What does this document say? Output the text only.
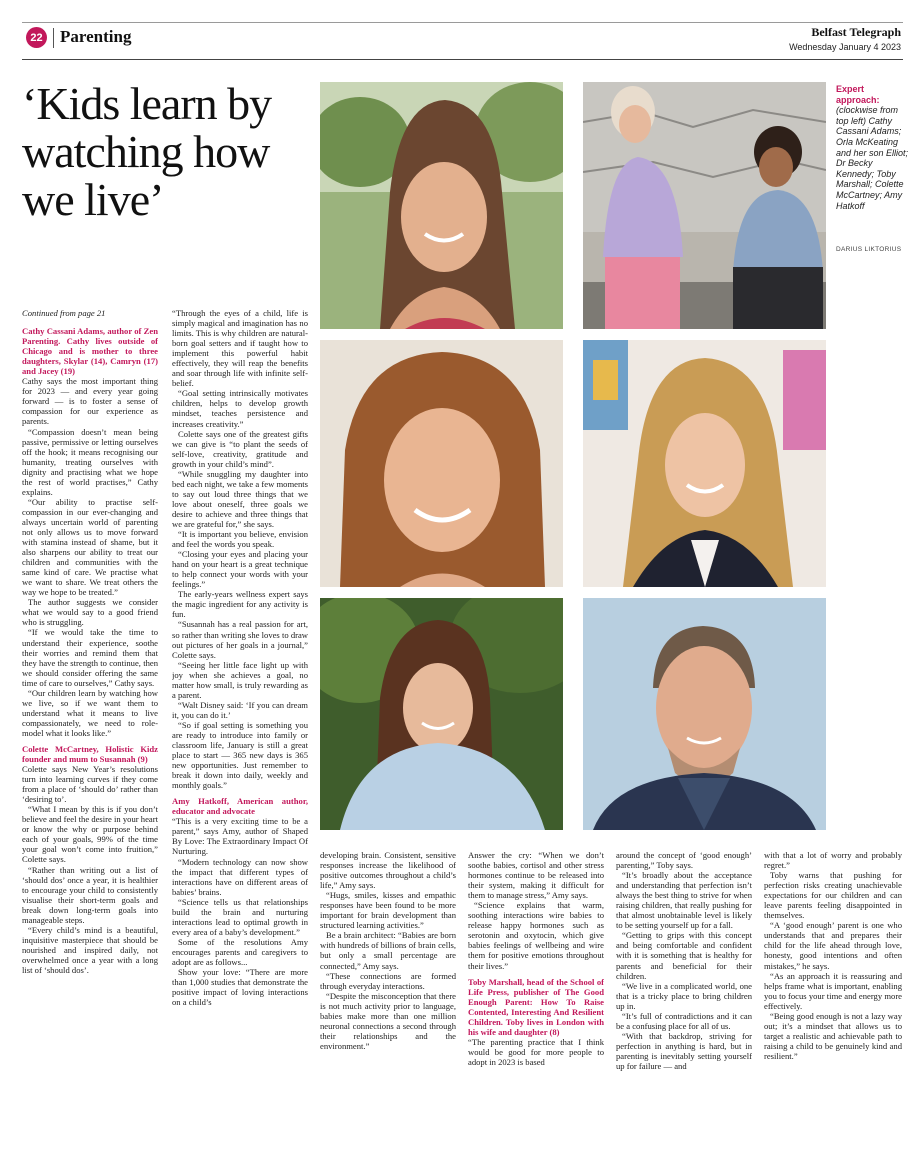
22 Parenting	Belfast Telegraph
Wednesday January 4 2023
‘Kids learn by watching how we live’
Expert approach: (clockwise from top left) Cathy Cassani Adams; Orla McKeating and her son Elliot; Dr Becky Kennedy; Toby Marshall; Colette McCartney; Amy Hatkoff
DARIUS LIKTORIUS

Continued from page 21

Cathy Cassani Adams, author of Zen Parenting. Cathy lives outside of Chicago and is mother to three daughters, Skylar (14), Camryn (17) and Jacey (19)

Cathy says the most important thing for 2023 — and every year going forward — is to foster a sense of compassion for our experience as parents.

“Compassion doesn’t mean being passive, permissive or letting ourselves off the hook; it means recognising our humanity, treating ourselves with dignity and practising what we hope the rest of world practises,” Cathy explains.

“Our ability to practise self-compassion in our ever-changing and always uncertain world of parenting not only allows us to move forward with stamina instead of shame, but it also sharpens our ability to treat our children and communities with the same kind of care. We practise what we want to share. We treat others the way we hope to be treated.”

The author suggests we consider what we would say to a good friend who is struggling.

“If we would take the time to understand their experience, soothe their worries and remind them that they have the strength to continue, then we should consider offering the same time of care to ourselves,” Cathy says.

“Our children learn by watching how we live, so if we want them to understand what it means to live compassionately, we need to role-model what it looks like.”

Colette McCartney, Holistic Kidz founder and mum to Susannah (9)

Colette says New Year’s resolutions turn into learning curves if they come from a place of ‘should do’ rather than ‘desiring to’.

“What I mean by this is if you don’t believe and feel the desire in your heart or know the why or purpose behind each of your goals, 99% of the time your goal won’t come into fruition,” Colette says.

“Rather than writing out a list of ‘should dos’ once a year, it is healthier to encourage your child to consistently visualise their short-term goals and break down long-term goals into manageable steps.

“Every child’s mind is a beautiful, inquisitive masterpiece that should be nourished and inspired daily, not overwhelmed once a year with a long list of ‘should dos’.

“Through the eyes of a child, life is simply magical and imagination has no limits. This is why children are natural-born goal setters and if taught how to implement this powerful habit effectively, they will reap the benefits and soar through life with infinite self-belief.

“Goal setting intrinsically motivates children, helps to develop growth mindset, teaches persistence and increases creativity.”

Colette says one of the greatest gifts we can give is “to plant the seeds of self-love, creativity, gratitude and growth in your child’s mind”.

“While snuggling my daughter into bed each night, we take a few moments to say out loud three things that we love about oneself, three goals we desire to achieve and three things that we are grateful for,” she says.

“It is important you believe, envision and feel the words you speak.

“Closing your eyes and placing your hand on your heart is a great technique to help connect your words with your feelings.”

The early-years wellness expert says the magic ingredient for any activity is fun.

“Susannah has a real passion for art, so rather than writing she loves to draw out pictures of her goals in a journal,” Colette says.

“Seeing her little face light up with joy when she achieves a goal, no matter how small, is truly rewarding as a parent.

“Walt Disney said: ‘If you can dream it, you can do it.’

“So if goal setting is something you are ready to introduce into family or classroom life, January is still a great place to start — 365 new days is 365 new opportunities. Just remember to break it down into daily, weekly and monthly goals.”

Amy Hatkoff, American author, educator and advocate

“This is a very exciting time to be a parent,” says Amy, author of Shaped By Love: The Extraordinary Impact Of Nurturing.

“Modern technology can now show the impact that different types of interactions have on different areas of babies’ brains.

“Science tells us that relationships build the brain and nurturing interactions lead to optimal growth in every area of a baby’s development.”

Some of the resolutions Amy encourages parents and caregivers to adopt are as follows...

Show your love: “There are more than 1,000 studies that demonstrate the positive impact of loving interactions on a child’s

developing brain. Consistent, sensitive responses increase the likelihood of positive outcomes throughout a child’s life,” Amy says.

“Hugs, smiles, kisses and empathic responses have been found to be more important for brain development than structured learning activities.”

Be a brain architect: “Babies are born with hundreds of billions of brain cells, but only a small percentage are connected,” Amy says.

“These connections are formed through everyday interactions.

“Despite the misconception that there is not much activity prior to language, babies make more than one million neuronal connections a second through their relationships and the environment.”

Answer the cry: “When we don’t soothe babies, cortisol and other stress hormones continue to be released into their system, making it difficult for them to manage stress,” Amy says.

“Science explains that warm, soothing interactions wire babies to release happy hormones such as serotonin and oxytocin, which give babies feelings of wellbeing and wire them for positive emotions throughout their lives.”

Toby Marshall, head of the School of Life Press, publisher of The Good Enough Parent: How To Raise Contented, Interesting And Resilient Children. Toby lives in London with his wife and daughter (8)

“The parenting practice that I think would be good for more people to adopt in 2023 is based

around the concept of ‘good enough’ parenting,” Toby says.

“It’s broadly about the acceptance and understanding that perfection isn’t always the best thing to strive for when raising children, that really pushing for that almost unobtainable level is likely to be setting yourself up for a fall.

“Getting to grips with this concept and being comfortable and confident with it is something that is healthy for parents and beneficial for their children.

“We live in a complicated world, one that is a tricky place to bring children up in.

“It’s full of contradictions and it can be a confusing place for all of us.

“With that backdrop, striving for perfection in anything is hard, but in parenting is inevitably setting yourself up for failure — and

with that a lot of worry and probably regret.”

Toby warns that pushing for perfection risks creating unachievable expectations for our children and can leave parents feeling disappointed in themselves.

“A ‘good enough’ parent is one who understands that and prepares their child for the life ahead through love, honesty, good intentions and often mistakes,” he says.

“As an approach it is reassuring and helps frame what is important, enabling you to focus your time and energy more effectively.

“Being good enough is not a lazy way out; it’s a mindset that allows us to target a realistic and achievable path to raising a child to be genuinely kind and resilient.”
